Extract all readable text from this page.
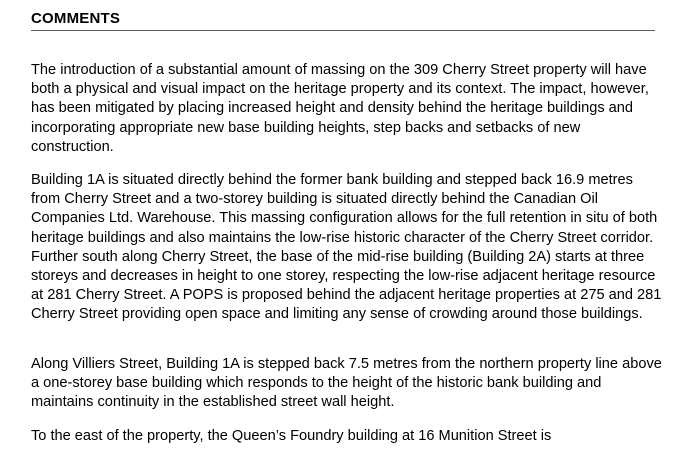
COMMENTS

The introduction of a substantial amount of massing on the 309 Cherry Street property will have both a physical and visual impact on the heritage property and its context. The impact, however, has been mitigated by placing increased height and density behind the heritage buildings and incorporating appropriate new base building heights, step backs and setbacks of new construction.

Building 1A is situated directly behind the former bank building and stepped back 16.9 metres from Cherry Street and a two-storey building is situated directly behind the Canadian Oil Companies Ltd. Warehouse. This massing configuration allows for the full retention in situ of both heritage buildings and also maintains the low-rise historic character of the Cherry Street corridor. Further south along Cherry Street, the base of the mid-rise building (Building 2A) starts at three storeys and decreases in height to one storey, respecting the low-rise adjacent heritage resource at 281 Cherry Street. A POPS is proposed behind the adjacent heritage properties at 275 and 281 Cherry Street providing open space and limiting any sense of crowding around those buildings.

Along Villiers Street, Building 1A is stepped back 7.5 metres from the northern property line above a one-storey base building which responds to the height of the historic bank building and maintains continuity in the established street wall height.

To the east of the property, the Queen’s Foundry building at 16 Munition Street is
